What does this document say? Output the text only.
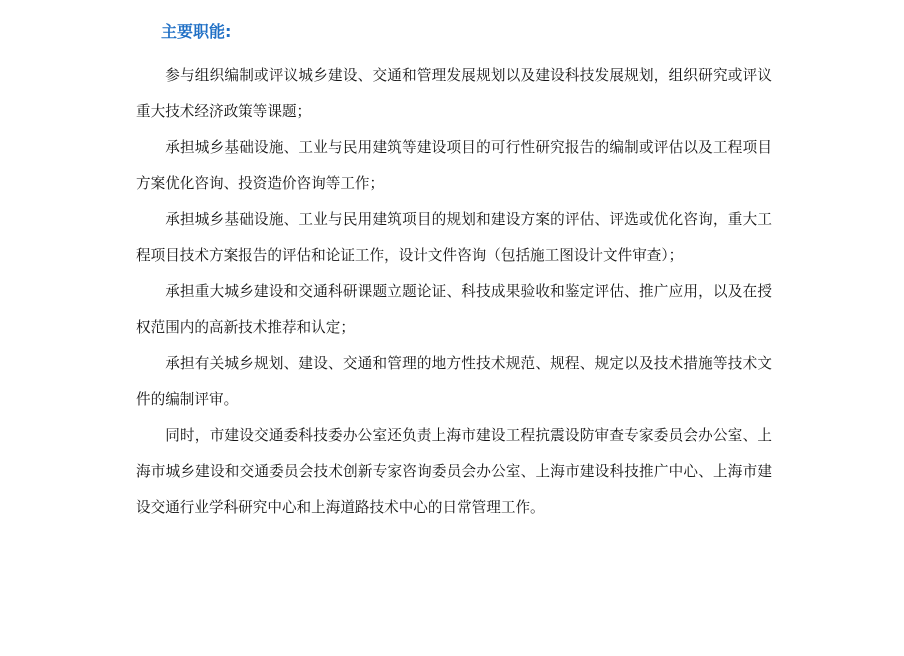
主要职能:

参与组织编制或评议城乡建设、交通和管理发展规划以及建设科技发展规划，组织研究或评议重大技术经济政策等课题；

承担城乡基础设施、工业与民用建筑等建设项目的可行性研究报告的编制或评估以及工程项目方案优化咨询、投资造价咨询等工作；

承担城乡基础设施、工业与民用建筑项目的规划和建设方案的评估、评选或优化咨询，重大工程项目技术方案报告的评估和论证工作，设计文件咨询（包括施工图设计文件审查）；

承担重大城乡建设和交通科研课题立题论证、科技成果验收和鉴定评估、推广应用，以及在授权范围内的高新技术推荐和认定；

承担有关城乡规划、建设、交通和管理的地方性技术规范、规程、规定以及技术措施等技术文件的编制评审。

同时，市建设交通委科技委办公室还负责上海市建设工程抗震设防审查专家委员会办公室、上海市城乡建设和交通委员会技术创新专家咨询委员会办公室、上海市建设科技推广中心、上海市建设交通行业学科研究中心和上海道路技术中心的日常管理工作。
